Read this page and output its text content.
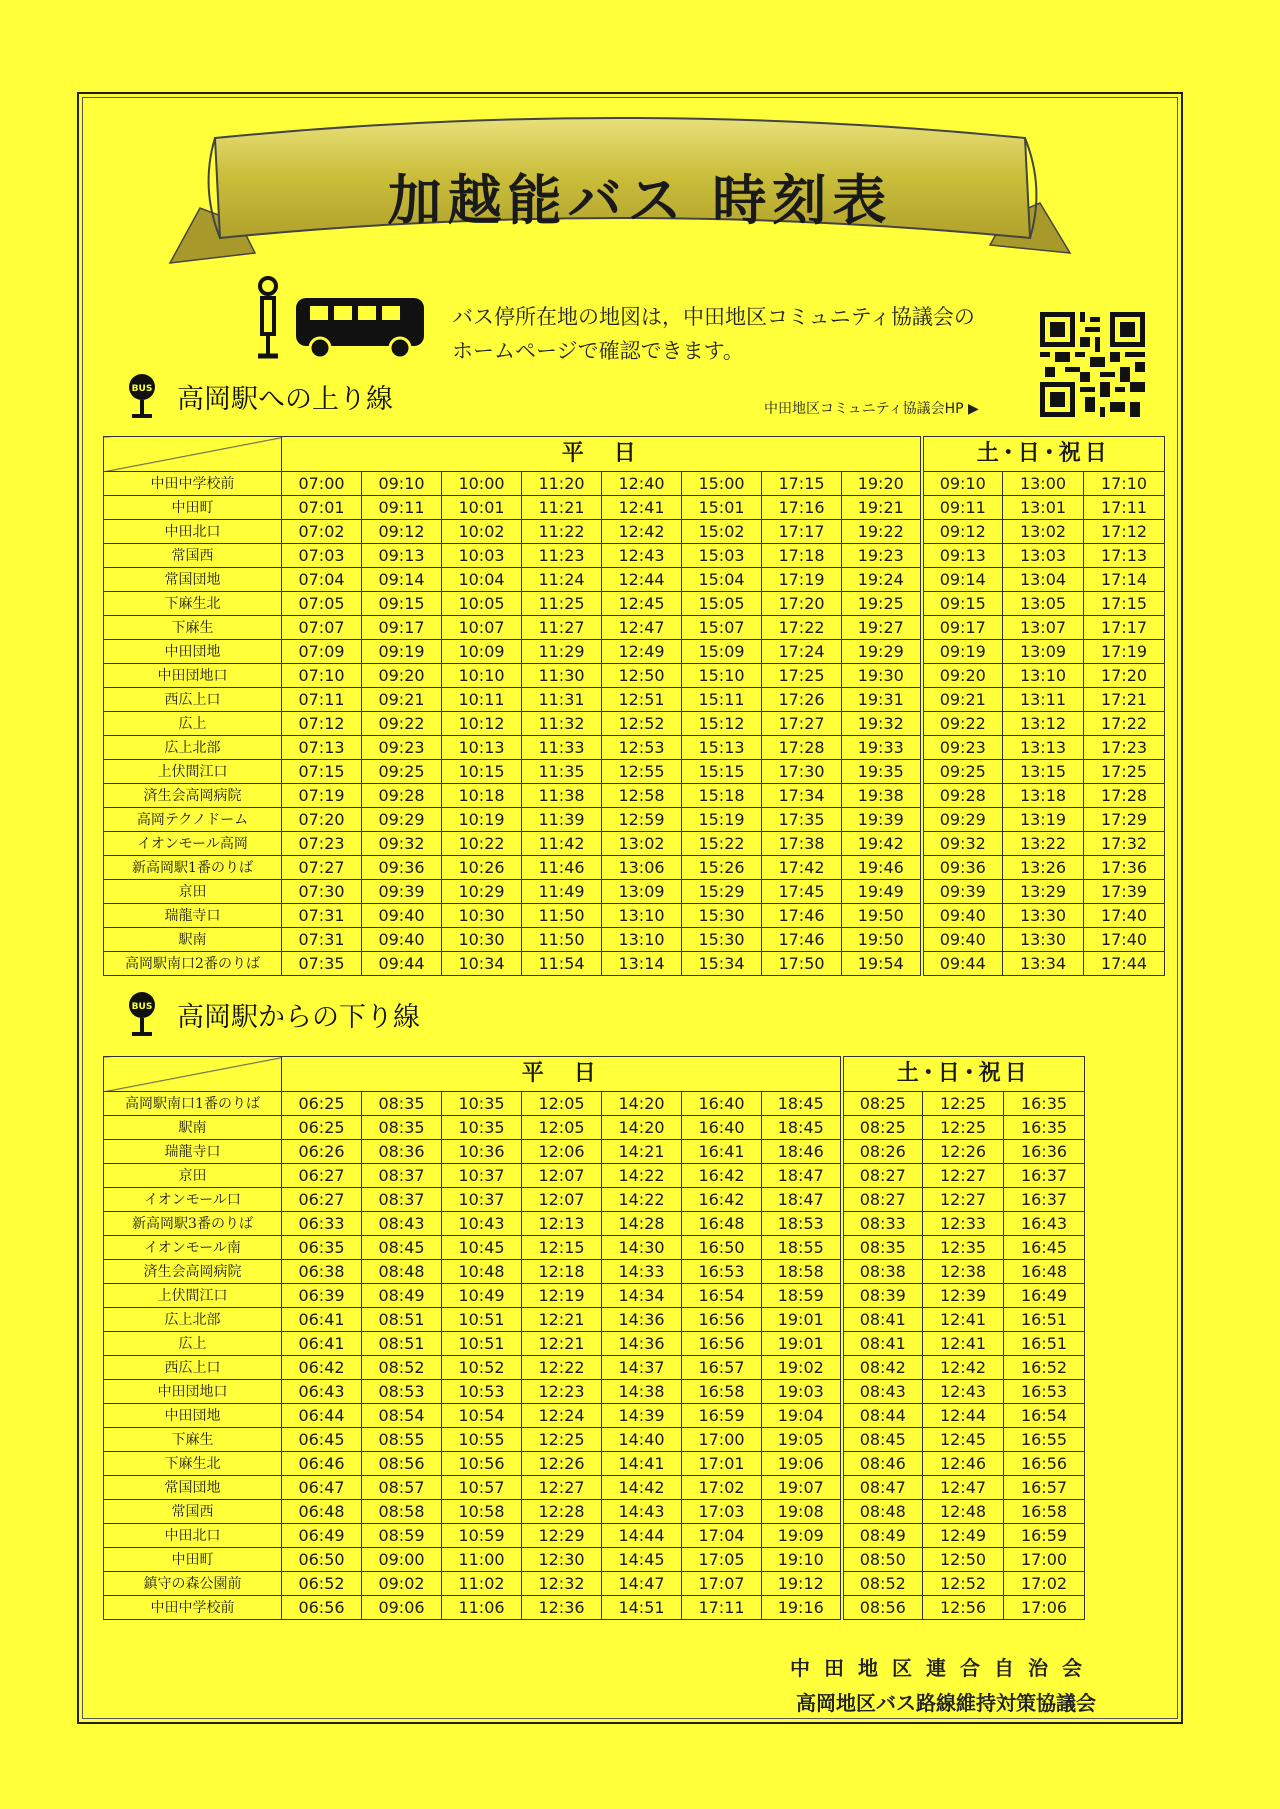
加越能バス 時刻表
バス停所在地の地図は，中田地区コミュニティ協議会の
ホームページで確認できます。
中田地区コミュニティ協議会HP ▶
BUS 高岡駅への上り線
	平　日								土･日･祝日		
中田中学校前	07:00	09:10	10:00	11:20	12:40	15:00	17:15	19:20	09:10	13:00	17:10
中田町	07:01	09:11	10:01	11:21	12:41	15:01	17:16	19:21	09:11	13:01	17:11
中田北口	07:02	09:12	10:02	11:22	12:42	15:02	17:17	19:22	09:12	13:02	17:12
常国西	07:03	09:13	10:03	11:23	12:43	15:03	17:18	19:23	09:13	13:03	17:13
常国団地	07:04	09:14	10:04	11:24	12:44	15:04	17:19	19:24	09:14	13:04	17:14
下麻生北	07:05	09:15	10:05	11:25	12:45	15:05	17:20	19:25	09:15	13:05	17:15
下麻生	07:07	09:17	10:07	11:27	12:47	15:07	17:22	19:27	09:17	13:07	17:17
中田団地	07:09	09:19	10:09	11:29	12:49	15:09	17:24	19:29	09:19	13:09	17:19
中田団地口	07:10	09:20	10:10	11:30	12:50	15:10	17:25	19:30	09:20	13:10	17:20
西広上口	07:11	09:21	10:11	11:31	12:51	15:11	17:26	19:31	09:21	13:11	17:21
広上	07:12	09:22	10:12	11:32	12:52	15:12	17:27	19:32	09:22	13:12	17:22
広上北部	07:13	09:23	10:13	11:33	12:53	15:13	17:28	19:33	09:23	13:13	17:23
上伏間江口	07:15	09:25	10:15	11:35	12:55	15:15	17:30	19:35	09:25	13:15	17:25
済生会高岡病院	07:19	09:28	10:18	11:38	12:58	15:18	17:34	19:38	09:28	13:18	17:28
高岡テクノドーム	07:20	09:29	10:19	11:39	12:59	15:19	17:35	19:39	09:29	13:19	17:29
イオンモール高岡	07:23	09:32	10:22	11:42	13:02	15:22	17:38	19:42	09:32	13:22	17:32
新高岡駅1番のりば	07:27	09:36	10:26	11:46	13:06	15:26	17:42	19:46	09:36	13:26	17:36
京田	07:30	09:39	10:29	11:49	13:09	15:29	17:45	19:49	09:39	13:29	17:39
瑞龍寺口	07:31	09:40	10:30	11:50	13:10	15:30	17:46	19:50	09:40	13:30	17:40
駅南	07:31	09:40	10:30	11:50	13:10	15:30	17:46	19:50	09:40	13:30	17:40
高岡駅南口2番のりば	07:35	09:44	10:34	11:54	13:14	15:34	17:50	19:54	09:44	13:34	17:44
BUS 高岡駅からの下り線
	平　日							土･日･祝日		
高岡駅南口1番のりば	06:25	08:35	10:35	12:05	14:20	16:40	18:45	08:25	12:25	16:35
駅南	06:25	08:35	10:35	12:05	14:20	16:40	18:45	08:25	12:25	16:35
瑞龍寺口	06:26	08:36	10:36	12:06	14:21	16:41	18:46	08:26	12:26	16:36
京田	06:27	08:37	10:37	12:07	14:22	16:42	18:47	08:27	12:27	16:37
イオンモール口	06:27	08:37	10:37	12:07	14:22	16:42	18:47	08:27	12:27	16:37
新高岡駅3番のりば	06:33	08:43	10:43	12:13	14:28	16:48	18:53	08:33	12:33	16:43
イオンモール南	06:35	08:45	10:45	12:15	14:30	16:50	18:55	08:35	12:35	16:45
済生会高岡病院	06:38	08:48	10:48	12:18	14:33	16:53	18:58	08:38	12:38	16:48
上伏間江口	06:39	08:49	10:49	12:19	14:34	16:54	18:59	08:39	12:39	16:49
広上北部	06:41	08:51	10:51	12:21	14:36	16:56	19:01	08:41	12:41	16:51
広上	06:41	08:51	10:51	12:21	14:36	16:56	19:01	08:41	12:41	16:51
西広上口	06:42	08:52	10:52	12:22	14:37	16:57	19:02	08:42	12:42	16:52
中田団地口	06:43	08:53	10:53	12:23	14:38	16:58	19:03	08:43	12:43	16:53
中田団地	06:44	08:54	10:54	12:24	14:39	16:59	19:04	08:44	12:44	16:54
下麻生	06:45	08:55	10:55	12:25	14:40	17:00	19:05	08:45	12:45	16:55
下麻生北	06:46	08:56	10:56	12:26	14:41	17:01	19:06	08:46	12:46	16:56
常国団地	06:47	08:57	10:57	12:27	14:42	17:02	19:07	08:47	12:47	16:57
常国西	06:48	08:58	10:58	12:28	14:43	17:03	19:08	08:48	12:48	16:58
中田北口	06:49	08:59	10:59	12:29	14:44	17:04	19:09	08:49	12:49	16:59
中田町	06:50	09:00	11:00	12:30	14:45	17:05	19:10	08:50	12:50	17:00
鎮守の森公園前	06:52	09:02	11:02	12:32	14:47	17:07	19:12	08:52	12:52	17:02
中田中学校前	06:56	09:06	11:06	12:36	14:51	17:11	19:16	08:56	12:56	17:06
中田地区連合自治会
高岡地区バス路線維持対策協議会
